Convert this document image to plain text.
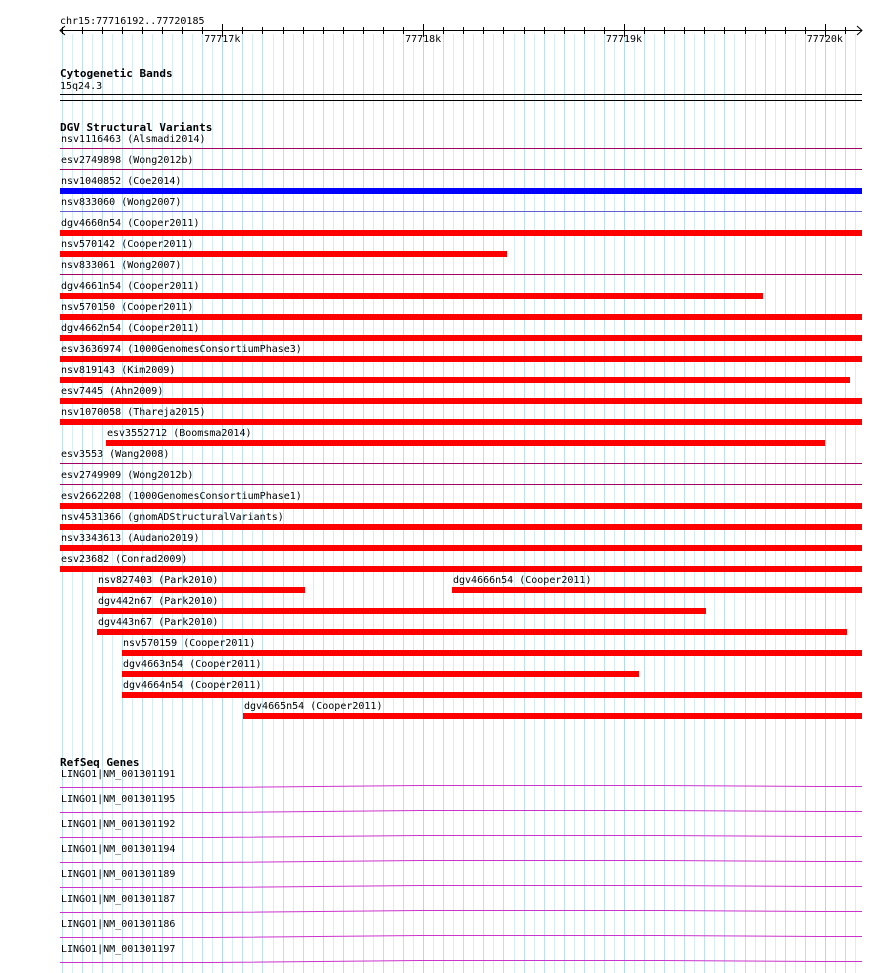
chr15:77716192..77720185
77717k	77718k	77719k	77720k
Cytogenetic Bands
15q24.3
DGV Structural Variants
nsv1116463 (Alsmadi2014)
esv2749898 (Wong2012b)
nsv1040852 (Coe2014)
nsv833060 (Wong2007)
dgv4660n54 (Cooper2011)
nsv570142 (Cooper2011)
nsv833061 (Wong2007)
dgv4661n54 (Cooper2011)
nsv570150 (Cooper2011)
dgv4662n54 (Cooper2011)
esv3636974 (1000GenomesConsortiumPhase3)
nsv819143 (Kim2009)
esv7445 (Ahn2009)
nsv1070058 (Thareja2015)
esv3552712 (Boomsma2014)
esv3553 (Wang2008)
esv2749909 (Wong2012b)
esv2662208 (1000GenomesConsortiumPhase1)
nsv4531366 (gnomADStructuralVariants)
nsv3343613 (Audano2019)
esv23682 (Conrad2009)
nsv827403 (Park2010)	dgv4666n54 (Cooper2011)
dgv442n67 (Park2010)
dgv443n67 (Park2010)
nsv570159 (Cooper2011)
dgv4663n54 (Cooper2011)
dgv4664n54 (Cooper2011)
dgv4665n54 (Cooper2011)
RefSeq Genes
LINGO1|NM_001301191
LINGO1|NM_001301195
LINGO1|NM_001301192
LINGO1|NM_001301194
LINGO1|NM_001301189
LINGO1|NM_001301187
LINGO1|NM_001301186
LINGO1|NM_001301197
